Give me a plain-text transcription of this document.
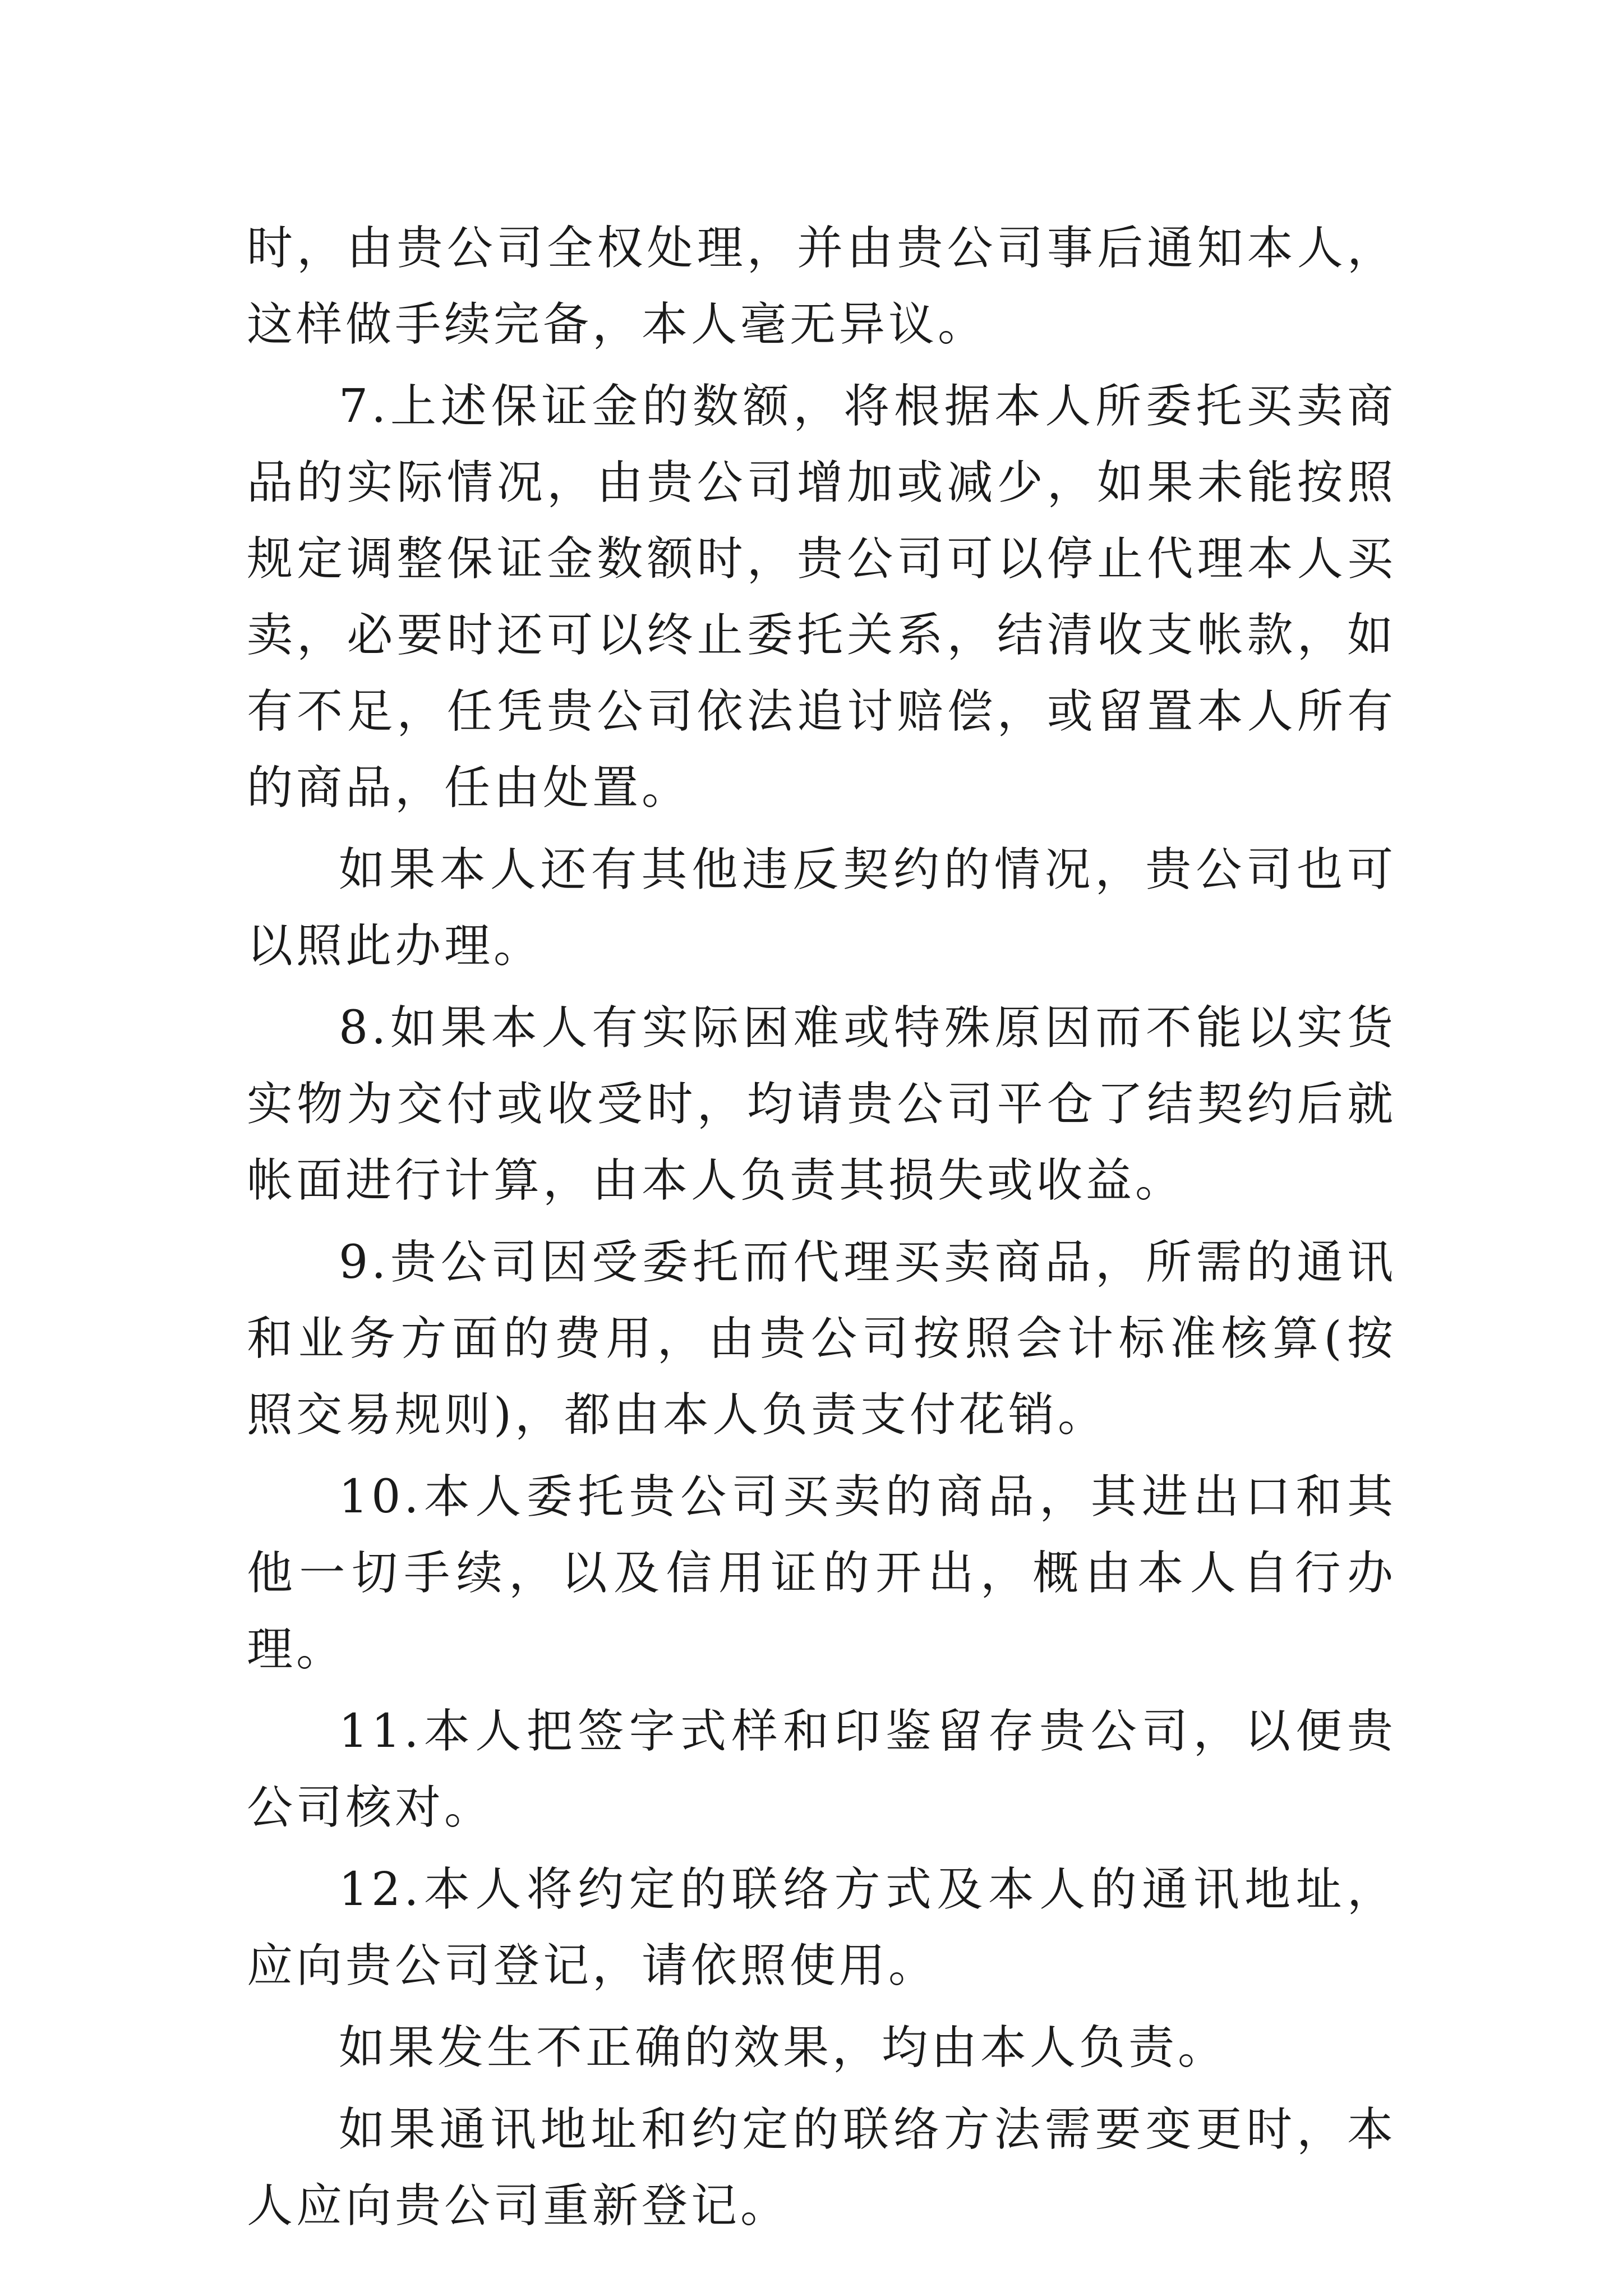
时，由贵公司全权处理，并由贵公司事后通知本人，这样做手续完备，本人毫无异议。

7.上述保证金的数额，将根据本人所委托买卖商品的实际情况，由贵公司增加或减少，如果未能按照规定调整保证金数额时，贵公司可以停止代理本人买卖，必要时还可以终止委托关系，结清收支帐款，如有不足，任凭贵公司依法追讨赔偿，或留置本人所有的商品，任由处置。

如果本人还有其他违反契约的情况，贵公司也可以照此办理。

8.如果本人有实际困难或特殊原因而不能以实货实物为交付或收受时，均请贵公司平仓了结契约后就帐面进行计算，由本人负责其损失或收益。

9.贵公司因受委托而代理买卖商品，所需的通讯和业务方面的费用，由贵公司按照会计标准核算(按照交易规则)，都由本人负责支付花销。

10.本人委托贵公司买卖的商品，其进出口和其他一切手续，以及信用证的开出，概由本人自行办理。

11.本人把签字式样和印鉴留存贵公司，以便贵公司核对。

12.本人将约定的联络方式及本人的通讯地址，应向贵公司登记，请依照使用。

如果发生不正确的效果，均由本人负责。

如果通讯地址和约定的联络方法需要变更时，本人应向贵公司重新登记。
